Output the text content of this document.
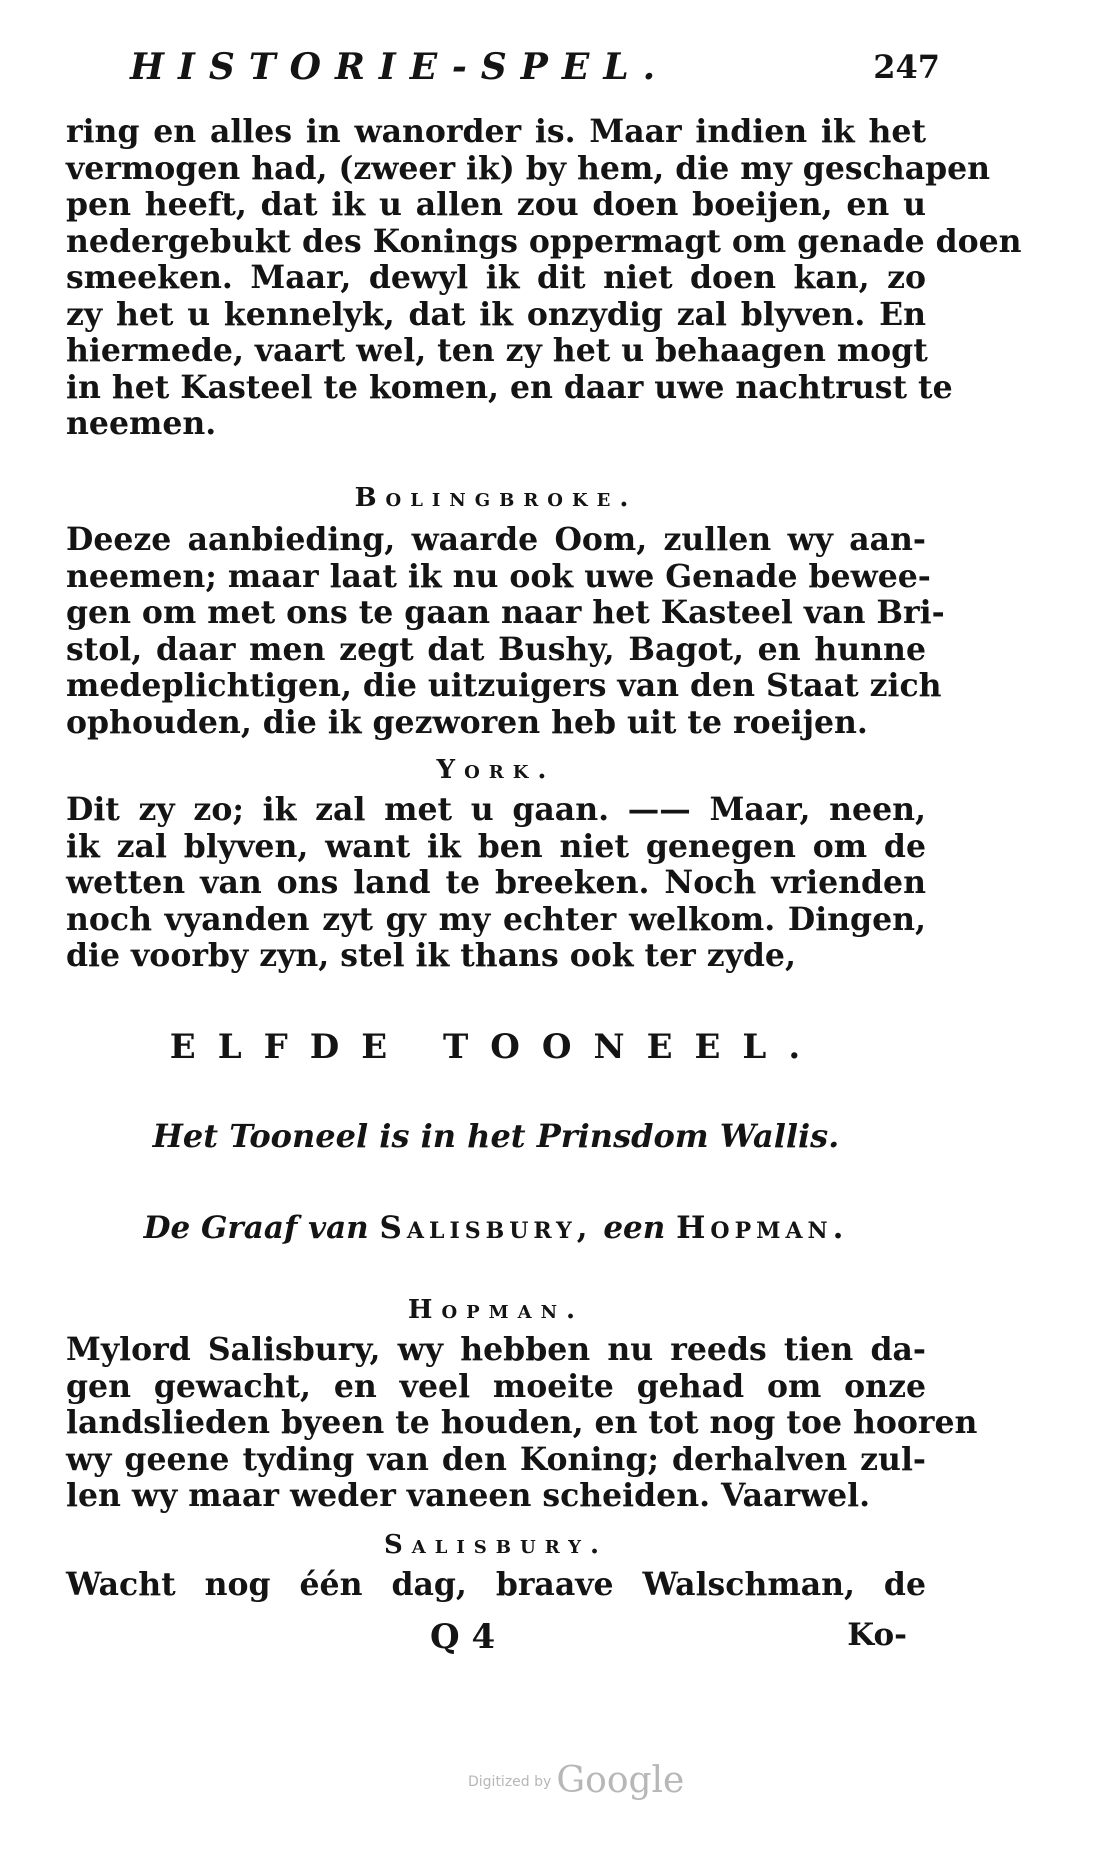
HISTORIE-SPEL.	247
ring en alles in wanorder is. Maar indien ik het
vermogen had, (zweer ik) by hem, die my geschapen
pen heeft, dat ik u allen zou doen boeijen, en u
nedergebukt des Konings oppermagt om genade doen
smeeken. Maar, dewyl ik dit niet doen kan, zo
zy het u kennelyk, dat ik onzydig zal blyven. En
hiermede, vaart wel, ten zy het u behaagen mogt
in het Kasteel te komen, en daar uwe nachtrust te
neemen.
Bolingbroke.
Deeze aanbieding, waarde Oom, zullen wy aan-
neemen; maar laat ik nu ook uwe Genade bewee-
gen om met ons te gaan naar het Kasteel van Bri-
stol, daar men zegt dat Bushy, Bagot, en hunne
medeplichtigen, die uitzuigers van den Staat zich
ophouden, die ik gezworen heb uit te roeijen.
York.
Dit zy zo; ik zal met u gaan. —— Maar, neen,
ik zal blyven, want ik ben niet genegen om de
wetten van ons land te breeken. Noch vrienden
noch vyanden zyt gy my echter welkom. Dingen,
die voorby zyn, stel ik thans ook ter zyde,
ELFDE TOONEEL.
Het Tooneel is in het Prinsdom Wallis.
De Graaf van Salisbury, een Hopman.
Hopman.
Mylord Salisbury, wy hebben nu reeds tien da-
gen gewacht, en veel moeite gehad om onze
landslieden byeen te houden, en tot nog toe hooren
wy geene tyding van den Koning; derhalven zul-
len wy maar weder vaneen scheiden. Vaarwel.
Salisbury.
Wacht nog één dag, braave Walschman, de
Q 4	Ko-
Digitized by Google
